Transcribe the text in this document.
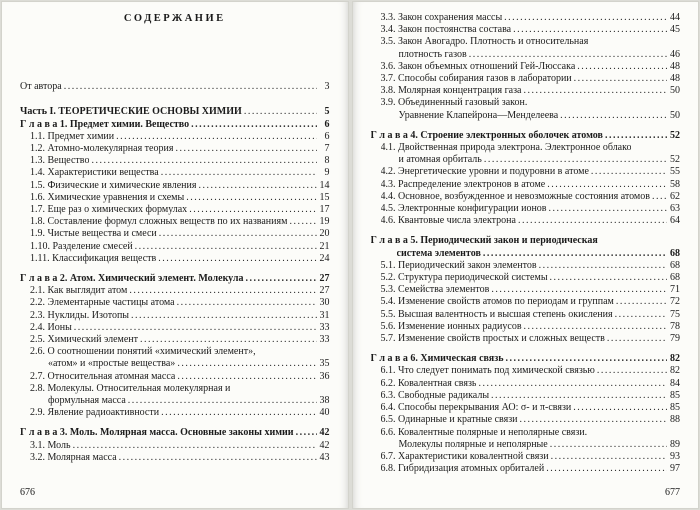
СОДЕРЖАНИЕ
От автора .....	3
Часть I. ТЕОРЕТИЧЕСКИЕ ОСНОВЫ ХИМИИ .....	5
Г л а в а 1. Предмет химии. Вещество .....	6
1.1. Предмет химии .....	6
1.2. Атомно-молекулярная теория .....	7
1.3. Вещество .....	8
1.4. Характеристики вещества .....	9
1.5. Физические и химические явления .....	14
1.6. Химические уравнения и схемы .....	15
1.7. Еще раз о химических формулах .....	17
1.8. Составление формул сложных веществ по их названиям .....	19
1.9. Чистые вещества и смеси .....	20
1.10. Разделение смесей .....	21
1.11. Классификация веществ .....	24
Г л а в а 2. Атом. Химический элемент. Молекула .....	27
2.1. Как выглядит атом .....	27
2.2. Элементарные частицы атома .....	30
2.3. Нуклиды. Изотопы .....	31
2.4. Ионы .....	33
2.5. Химический элемент .....	33
2.6. О соотношении понятий «химический элемент»,
«атом» и «простые вещества» .....	35
2.7. Относительная атомная масса .....	36
2.8. Молекулы. Относительная молекулярная и
формульная масса .....	38
2.9. Явление радиоактивности .....	40
Г л а в а 3. Моль. Молярная масса. Основные законы химии .....	42
3.1. Моль .....	42
3.2. Молярная масса .....	43
676
3.3. Закон сохранения массы .....	44
3.4. Закон постоянства состава .....	45
3.5. Закон Авогадро. Плотность и относительная
плотность газов .....	46
3.6. Закон объемных отношений Гей-Люссака .....	48
3.7. Способы собирания газов в лаборатории .....	48
3.8. Молярная концентрация газа .....	50
3.9. Объединенный газовый закон.
Уравнение Клапейрона—Менделеева .....	50
Г л а в а 4. Строение электронных оболочек атомов .....	52
4.1. Двойственная природа электрона. Электронное облако
и атомная орбиталь .....	52
4.2. Энергетические уровни и подуровни в атоме .....	55
4.3. Распределение электронов в атоме .....	58
4.4. Основное, возбужденное и невозможные состояния атомов .....	62
4.5. Электронные конфигурации ионов .....	63
4.6. Квантовые числа электрона .....	64
Г л а в а 5. Периодический закон и периодическая
система элементов .....	68
5.1. Периодический закон элементов .....	68
5.2. Структура периодической системы .....	68
5.3. Семейства элементов .....	71
5.4. Изменение свойств атомов по периодам и группам .....	72
5.5. Высшая валентность и высшая степень окисления .....	75
5.6. Изменение ионных радиусов .....	78
5.7. Изменение свойств простых и сложных веществ .....	79
Г л а в а 6. Химическая связь .....	82
6.1. Что следует понимать под химической связью .....	82
6.2. Ковалентная связь .....	84
6.3. Свободные радикалы .....	85
6.4. Способы перекрывания АО: σ- и π-связи .....	85
6.5. Одинарные и кратные связи .....	88
6.6. Ковалентные полярные и неполярные связи.
Молекулы полярные и неполярные .....	89
6.7. Характеристики ковалентной связи .....	93
6.8. Гибридизация атомных орбиталей .....	97
677
